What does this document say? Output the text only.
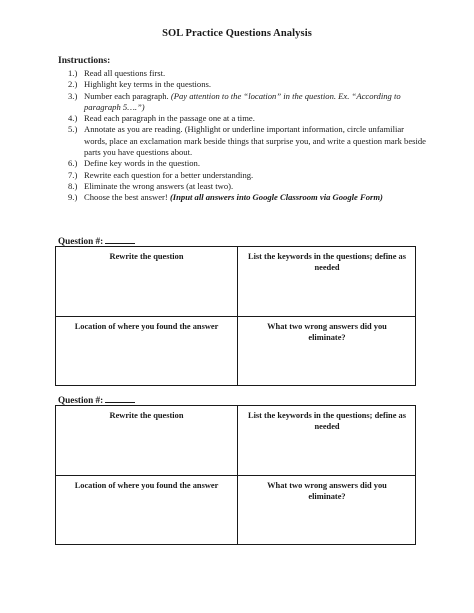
SOL Practice Questions Analysis
Instructions:
1.) Read all questions first.
2.) Highlight key terms in the questions.
3.) Number each paragraph. (Pay attention to the “location” in the question. Ex. “According to paragraph 5….”)
4.) Read each paragraph in the passage one at a time.
5.) Annotate as you are reading. (Highlight or underline important information, circle unfamiliar words, place an exclamation mark beside things that surprise you, and write a question mark beside parts you have questions about.
6.) Define key words in the question.
7.) Rewrite each question for a better understanding.
8.) Eliminate the wrong answers (at least two).
9.) Choose the best answer! (Input all answers into Google Classroom via Google Form)
Question #:
Rewrite the question	List the keywords in the questions; define as needed
Location of where you found the answer	What two wrong answers did you eliminate?
Question #:
Rewrite the question	List the keywords in the questions; define as needed
Location of where you found the answer	What two wrong answers did you eliminate?
